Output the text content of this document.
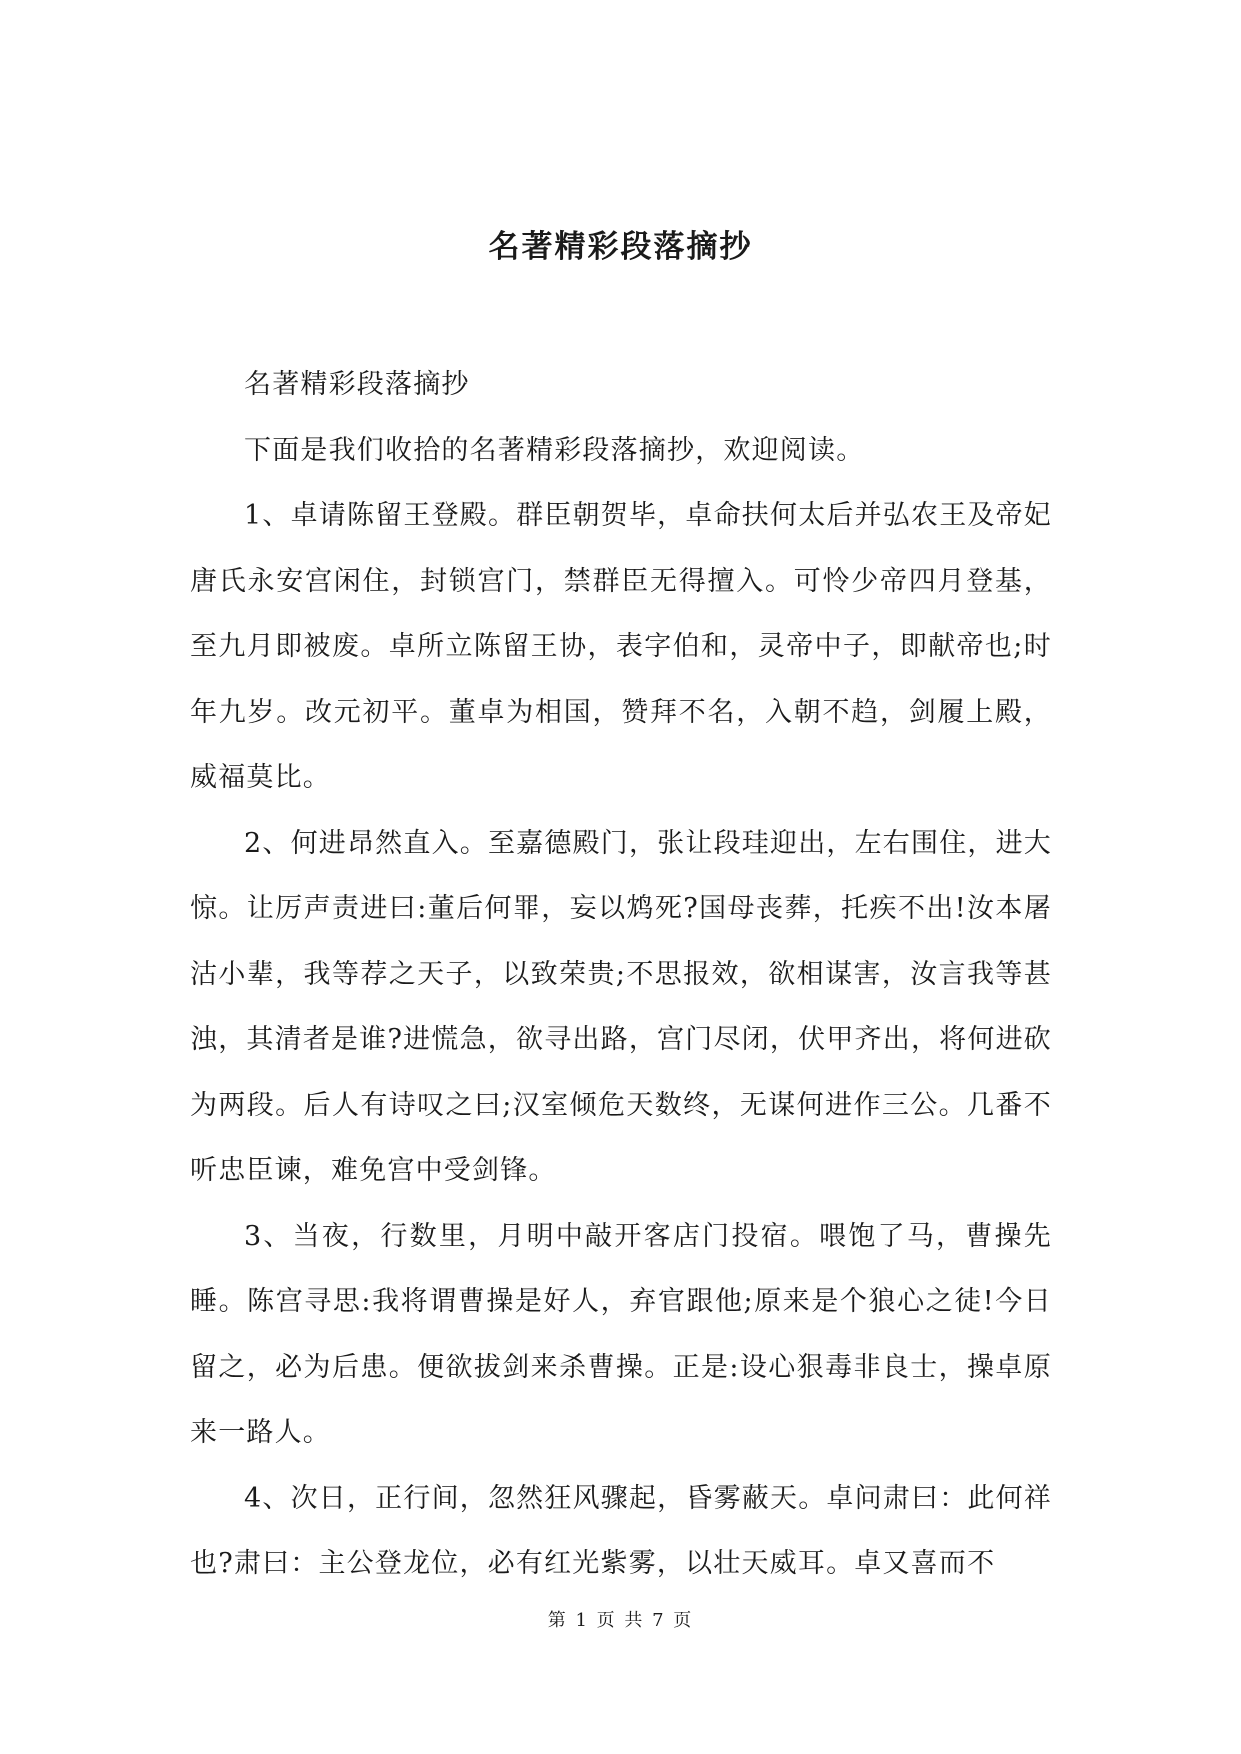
名著精彩段落摘抄

名著精彩段落摘抄

下面是我们收拾的名著精彩段落摘抄，欢迎阅读。

1、卓请陈留王登殿。群臣朝贺毕，卓命扶何太后并弘农王及帝妃唐氏永安宫闲住，封锁宫门，禁群臣无得擅入。可怜少帝四月登基，至九月即被废。卓所立陈留王协，表字伯和，灵帝中子，即献帝也;时年九岁。改元初平。董卓为相国，赞拜不名，入朝不趋，剑履上殿，威福莫比。

2、何进昂然直入。至嘉德殿门，张让段珪迎出，左右围住，进大惊。让厉声责进曰:董后何罪，妄以鸩死?国母丧葬，托疾不出!汝本屠沽小辈，我等荐之天子，以致荣贵;不思报效，欲相谋害，汝言我等甚浊，其清者是谁?进慌急，欲寻出路，宫门尽闭，伏甲齐出，将何进砍为两段。后人有诗叹之曰;汉室倾危天数终，无谋何进作三公。几番不听忠臣谏，难免宫中受剑锋。

3、当夜，行数里，月明中敲开客店门投宿。喂饱了马，曹操先睡。陈宫寻思:我将谓曹操是好人，弃官跟他;原来是个狼心之徒!今日留之，必为后患。便欲拔剑来杀曹操。正是:设心狠毒非良士，操卓原来一路人。

4、次日，正行间，忽然狂风骤起，昏雾蔽天。卓问肃曰：此何祥也?肃曰：主公登龙位，必有红光紫雾，以壮天威耳。卓又喜而不

第 1 页 共 7 页
